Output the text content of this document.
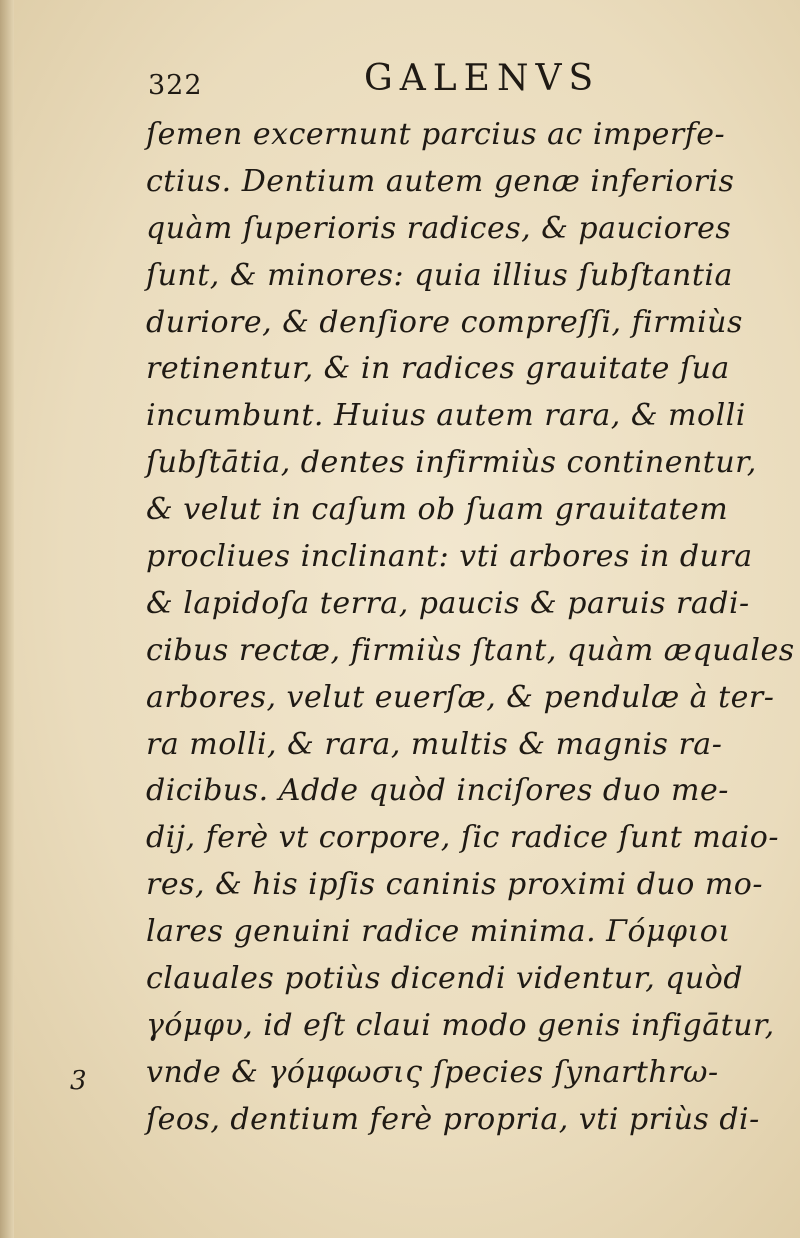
322	GALENVS
ſemen excernunt parcius ac imperfe-
ctius. Dentium autem genæ inferioris
quàm ſuperioris radices, & pauciores
ſunt, & minores: quia illius ſubſtantia
duriore, & denſiore compreſſi, firmiùs
retinentur, & in radices grauitate ſua
incumbunt. Huius autem rara, & molli
ſubſtātia, dentes infirmiùs continentur,
& velut in caſum ob ſuam grauitatem
procliues inclinant: vti arbores in dura
& lapidoſa terra, paucis & paruis radi-
cibus rectæ, firmiùs ſtant, quàm æquales
arbores, velut euerſæ, & pendulæ à ter-
ra molli, & rara, multis & magnis ra-
dicibus. Adde quòd inciſores duo me-
dij, ferè vt corpore, ſic radice ſunt maio-
res, & his ipſis caninis proximi duo mo-
lares genuini radice minima. Γόμφιοι
clauales potiùs dicendi videntur, quòd
γόμφυ, id eſt claui modo genis infigātur,
vnde & γόμφωσις ſpecies ſynarthrω-
ſeos, dentium ferè propria, vti priùs di-
3
